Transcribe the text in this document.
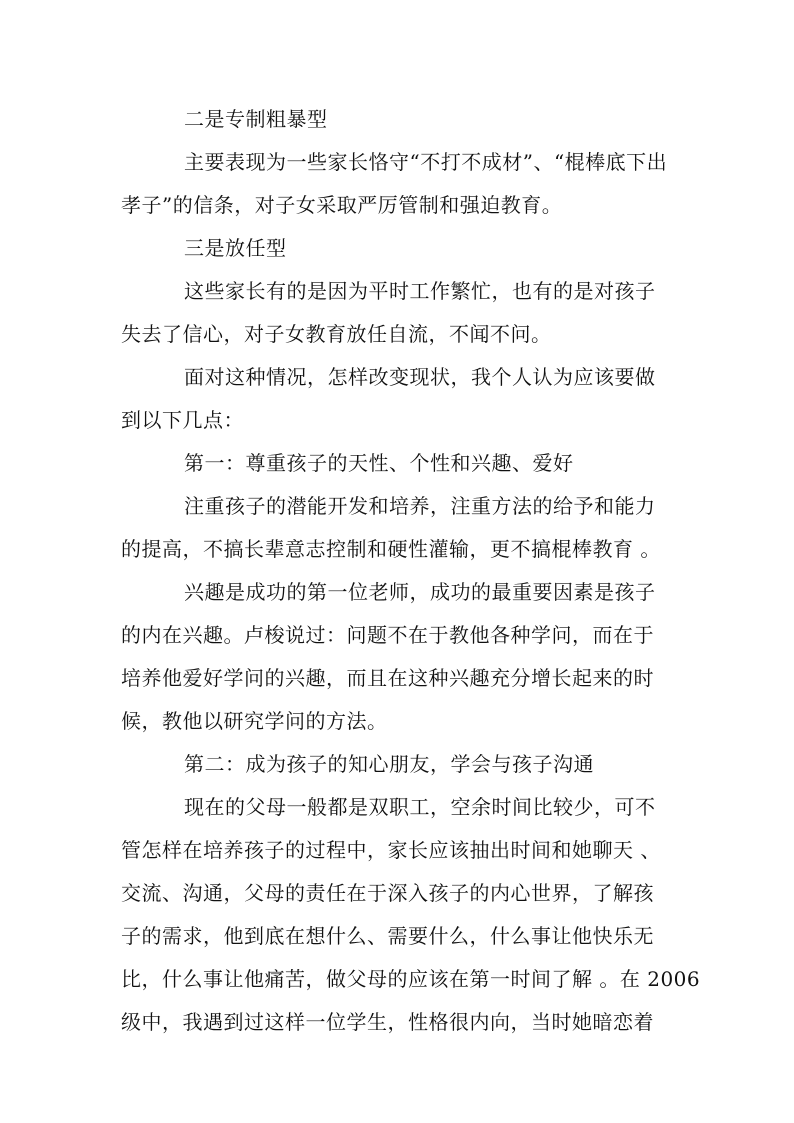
二是专制粗暴型
主要表现为一些家长恪守“不打不成材”、“棍棒底下出
孝子”的信条，对子女采取严厉管制和强迫教育。
三是放任型
这些家长有的是因为平时工作繁忙，也有的是对孩子
失去了信心，对子女教育放任自流，不闻不问。
面对这种情况，怎样改变现状，我个人认为应该要做
到以下几点：
第一：尊重孩子的天性、个性和兴趣、爱好
注重孩子的潜能开发和培养，注重方法的给予和能力
的提高，不搞长辈意志控制和硬性灌输，更不搞棍棒教育 。
兴趣是成功的第一位老师，成功的最重要因素是孩子
的内在兴趣。卢梭说过：问题不在于教他各种学问，而在于
培养他爱好学问的兴趣，而且在这种兴趣充分增长起来的时
候，教他以研究学问的方法。
第二：成为孩子的知心朋友，学会与孩子沟通
现在的父母一般都是双职工，空余时间比较少，可不
管怎样在培养孩子的过程中，家长应该抽出时间和她聊天 、
交流、沟通，父母的责任在于深入孩子的内心世界，了解孩
子的需求，他到底在想什么、需要什么，什么事让他快乐无
比，什么事让他痛苦，做父母的应该在第一时间了解 。在 2006
级中，我遇到过这样一位学生，性格很内向，当时她暗恋着
